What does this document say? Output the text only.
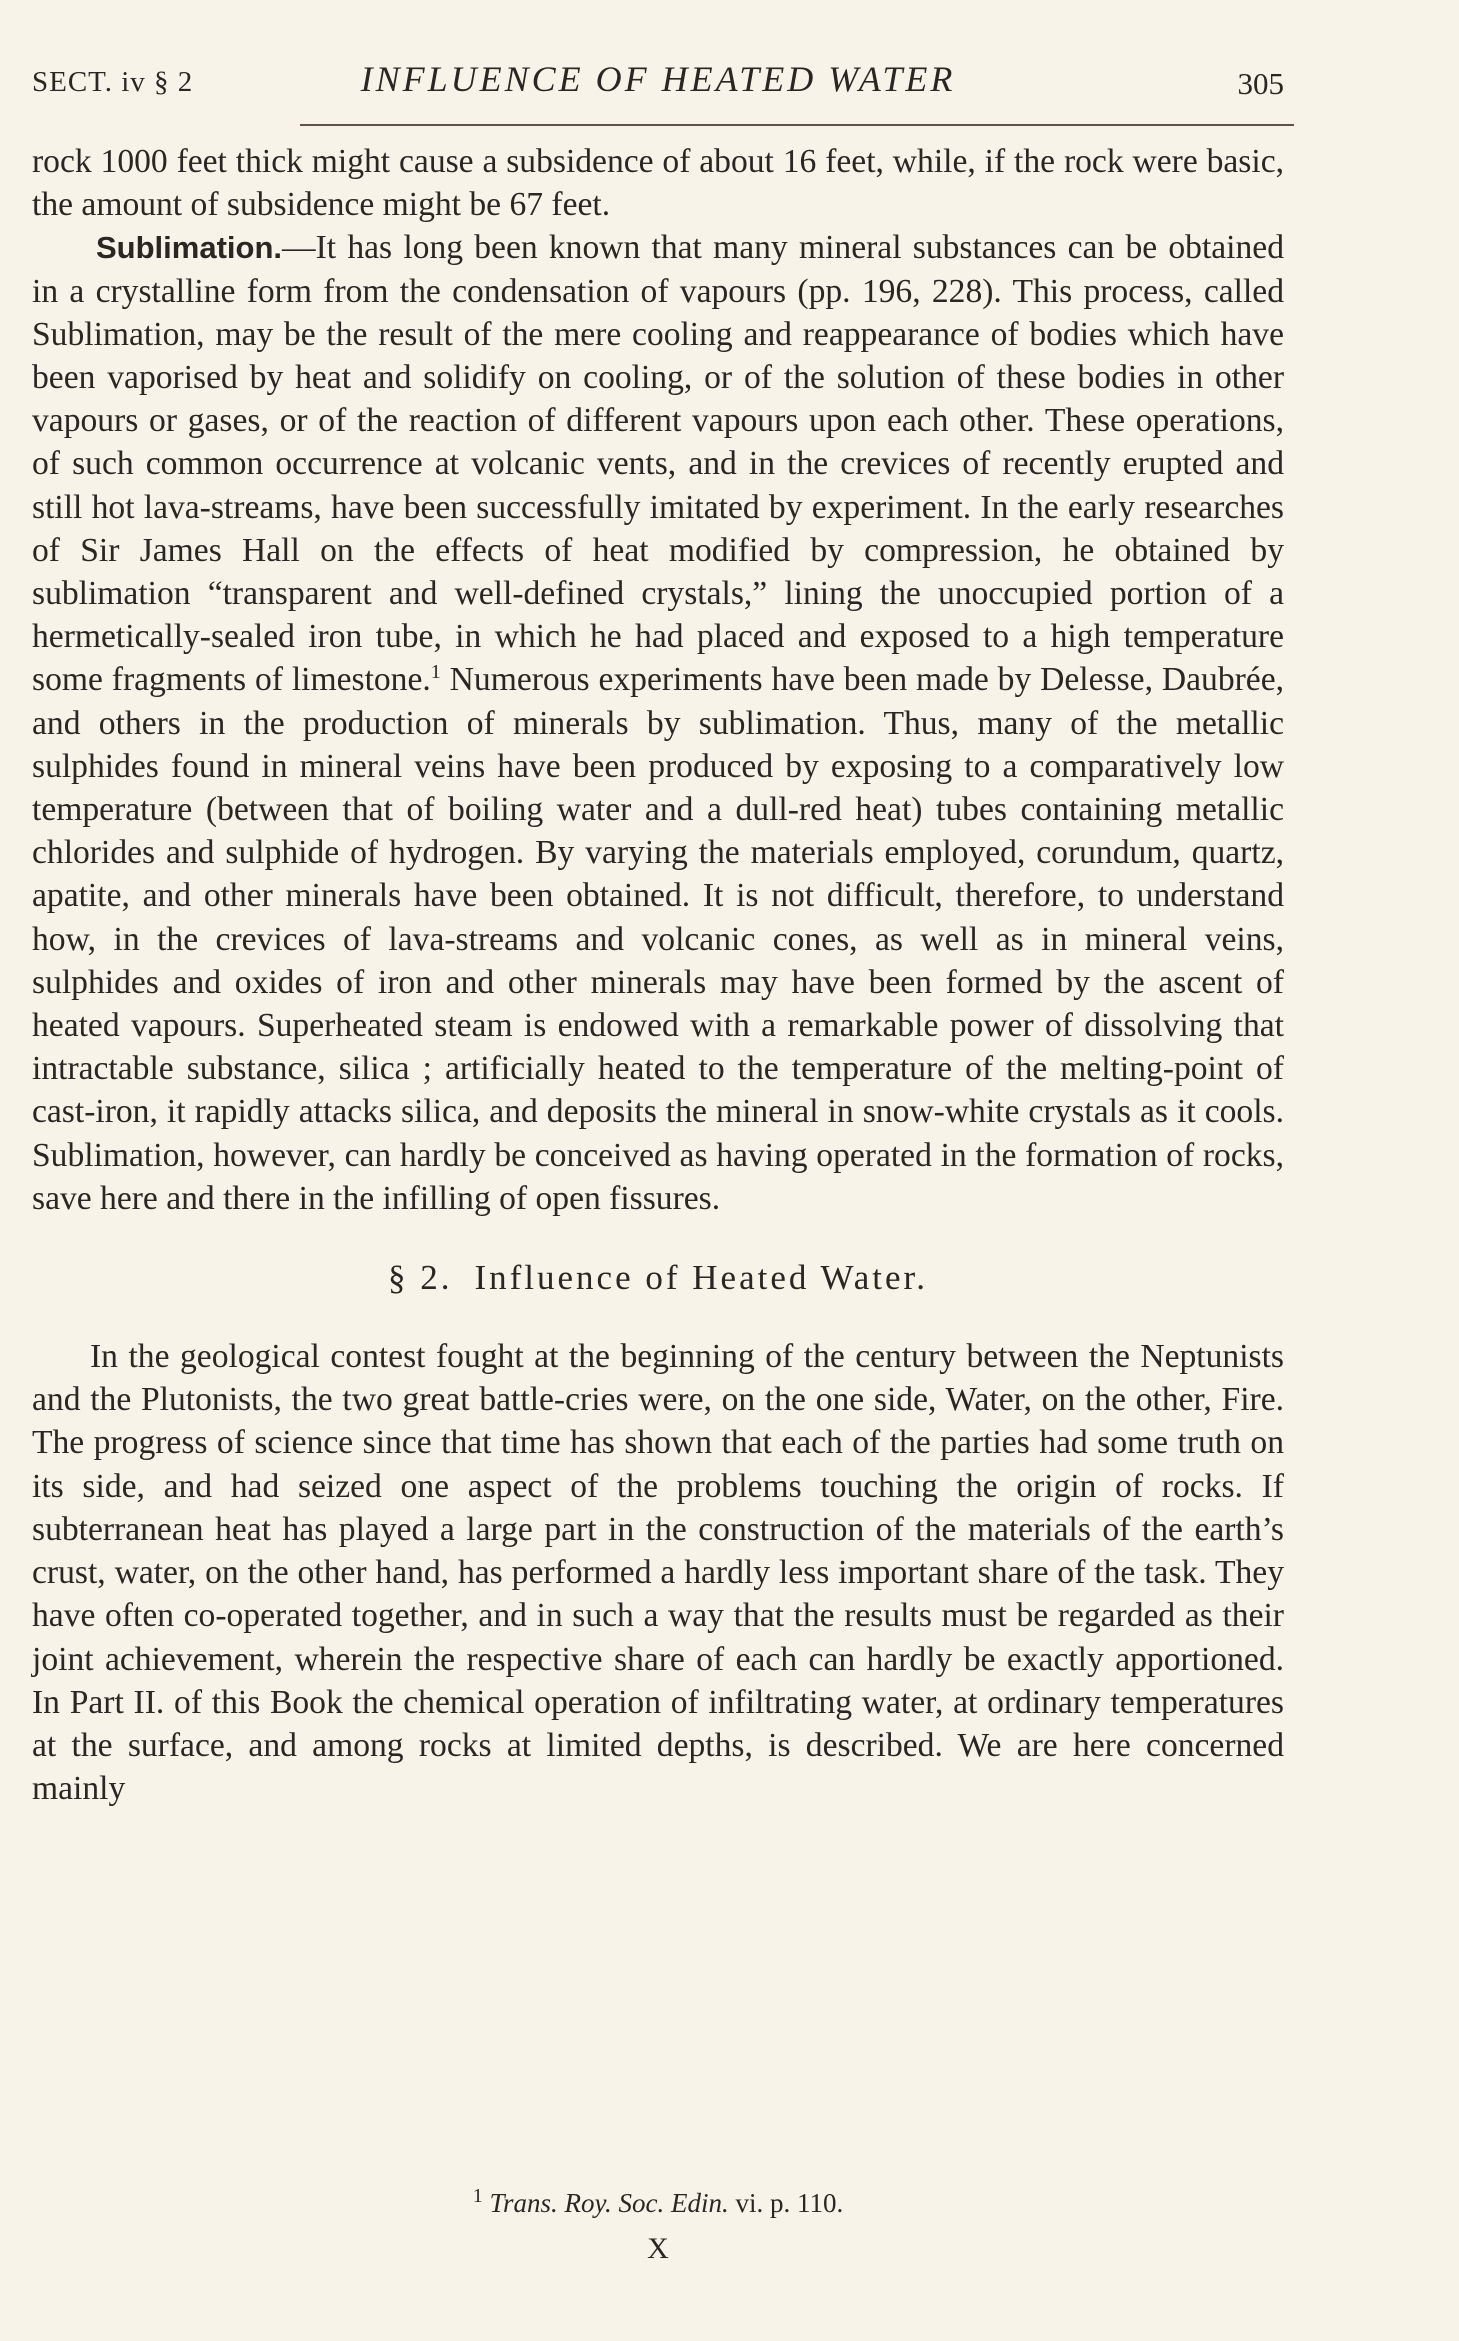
SECT. iv § 2	INFLUENCE OF HEATED WATER	305

rock 1000 feet thick might cause a subsidence of about 16 feet, while, if the rock were basic, the amount of subsidence might be 67 feet.

Sublimation.—It has long been known that many mineral substances can be obtained in a crystalline form from the condensation of vapours (pp. 196, 228). This process, called Sublimation, may be the result of the mere cooling and reappearance of bodies which have been vaporised by heat and solidify on cooling, or of the solution of these bodies in other vapours or gases, or of the reaction of different vapours upon each other. These operations, of such common occurrence at volcanic vents, and in the crevices of recently erupted and still hot lava-streams, have been successfully imitated by experiment. In the early researches of Sir James Hall on the effects of heat modified by compression, he obtained by sublimation “transparent and well-defined crystals,” lining the unoccupied portion of a hermetically-sealed iron tube, in which he had placed and exposed to a high temperature some fragments of limestone.$^1$ Numerous experiments have been made by Delesse, Daubrée, and others in the production of minerals by sublimation. Thus, many of the metallic sulphides found in mineral veins have been produced by exposing to a comparatively low temperature (between that of boiling water and a dull-red heat) tubes containing metallic chlorides and sulphide of hydrogen. By varying the materials employed, corundum, quartz, apatite, and other minerals have been obtained. It is not difficult, therefore, to understand how, in the crevices of lava-streams and volcanic cones, as well as in mineral veins, sulphides and oxides of iron and other minerals may have been formed by the ascent of heated vapours. Superheated steam is endowed with a remarkable power of dissolving that intractable substance, silica ; artificially heated to the temperature of the melting-point of cast-iron, it rapidly attacks silica, and deposits the mineral in snow-white crystals as it cools. Sublimation, however, can hardly be conceived as having operated in the formation of rocks, save here and there in the infilling of open fissures.

§ 2. Influence of Heated Water.

In the geological contest fought at the beginning of the century between the Neptunists and the Plutonists, the two great battle-cries were, on the one side, Water, on the other, Fire. The progress of science since that time has shown that each of the parties had some truth on its side, and had seized one aspect of the problems touching the origin of rocks. If subterranean heat has played a large part in the construction of the materials of the earth’s crust, water, on the other hand, has performed a hardly less important share of the task. They have often co-operated together, and in such a way that the results must be regarded as their joint achievement, wherein the respective share of each can hardly be exactly apportioned. In Part II. of this Book the chemical operation of infiltrating water, at ordinary temperatures at the surface, and among rocks at limited depths, is described. We are here concerned mainly

$^1$ Trans. Roy. Soc. Edin. vi. p. 110.
X
